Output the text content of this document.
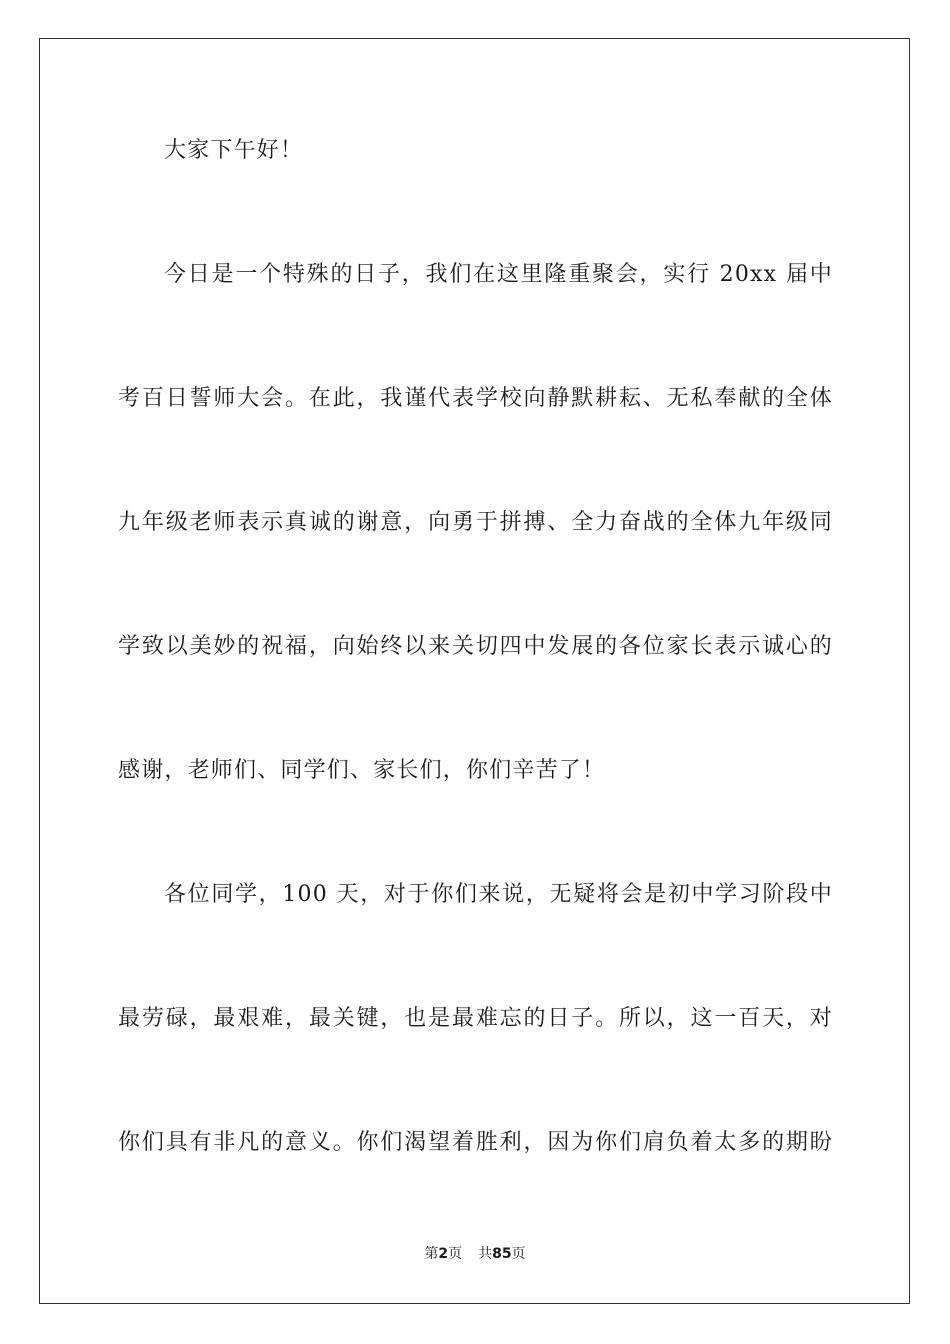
大家下午好！
今日是一个特殊的日子，我们在这里隆重聚会，实行 20xx 届中
考百日誓师大会。在此，我谨代表学校向静默耕耘、无私奉献的全体
九年级老师表示真诚的谢意，向勇于拼搏、全力奋战的全体九年级同
学致以美妙的祝福，向始终以来关切四中发展的各位家长表示诚心的
感谢，老师们、同学们、家长们，你们辛苦了！
各位同学，100 天，对于你们来说，无疑将会是初中学习阶段中
最劳碌，最艰难，最关键，也是最难忘的日子。所以，这一百天，对
你们具有非凡的意义。你们渴望着胜利，因为你们肩负着太多的期盼
第2页 共85页
